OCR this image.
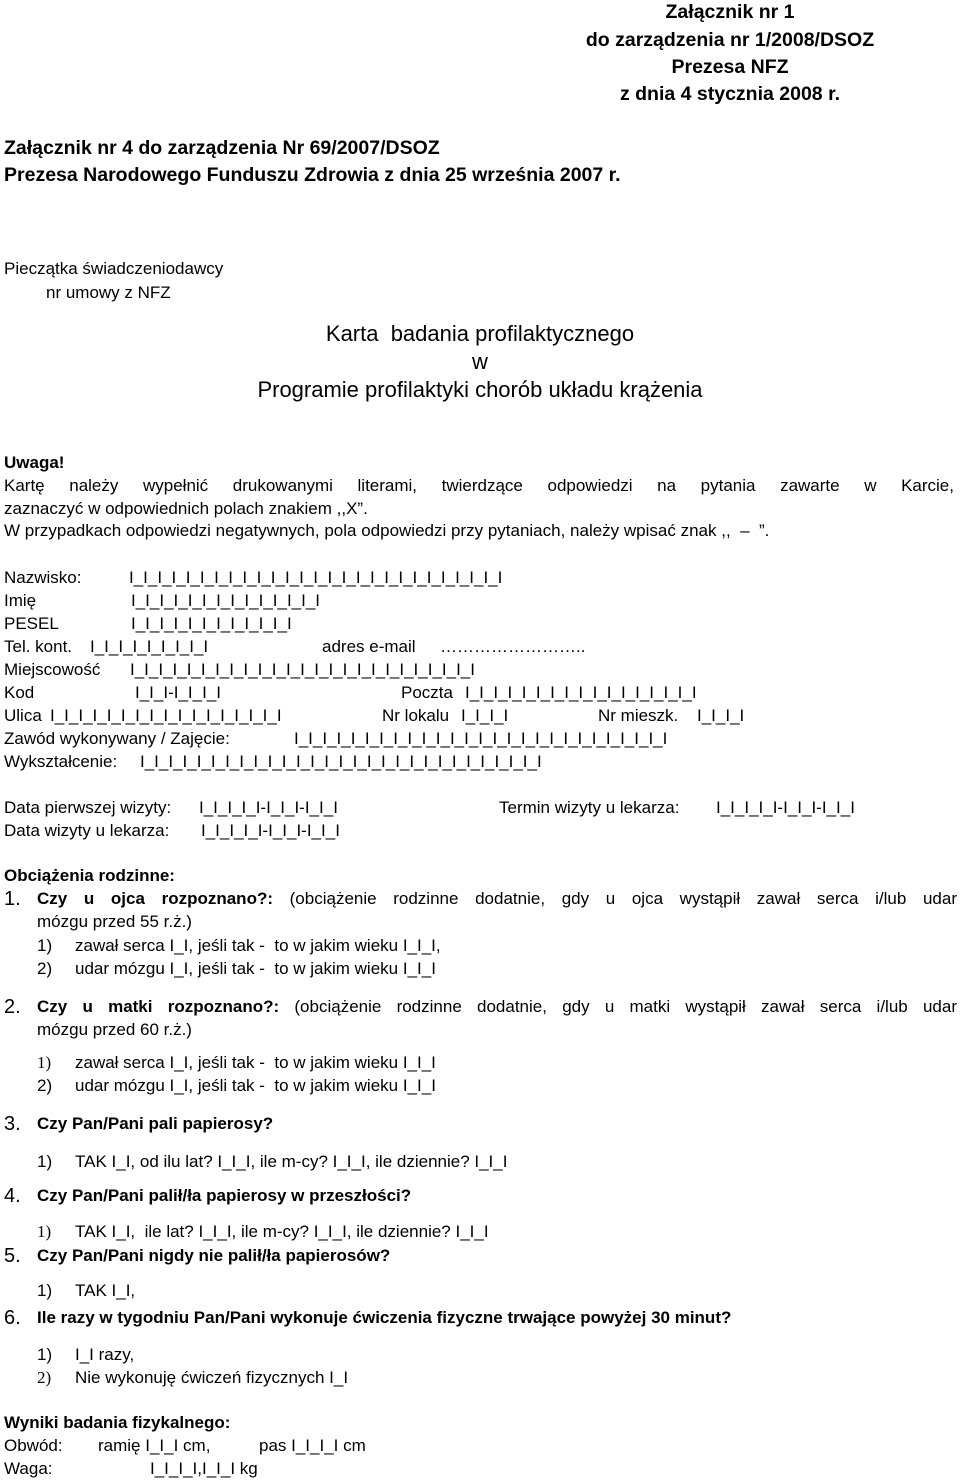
Załącznik nr 1
do zarządzenia nr 1/2008/DSOZ
Prezesa NFZ
z dnia 4 stycznia 2008 r.
Załącznik nr 4 do zarządzenia Nr 69/2007/DSOZ
Prezesa Narodowego Funduszu Zdrowia z dnia 25 września 2007 r.
Pieczątka świadczeniodawcy
nr umowy z NFZ
Karta  badania profilaktycznego
w
Programie profilaktyki chorób układu krążenia
Uwaga!
Kartę należy wypełnić drukowanymi literami, twierdzące odpowiedzi na pytania zawarte w Karcie,
zaznaczyć w odpowiednich polach znakiem ,,X”.
W przypadkach odpowiedzi negatywnych, pola odpowiedzi przy pytaniach, należy wpisać znak ,,  –  ”.
Nazwisko:	I_I_I_I_I_I_I_I_I_I_I_I_I_I_I_I_I_I_I_I_I_I_I_I_I_I_I
Imię	I_I_I_I_I_I_I_I_I_I_I_I_I_I
PESEL	I_I_I_I_I_I_I_I_I_I_I_I
Tel. kont. I_I_I_I_I_I_I_I_I	adres e-mail ……………………..
Miejscowość I_I_I_I_I_I_I_I_I_I_I_I_I_I_I_I_I_I_I_I_I_I_I_I_I
Kod	I_I_I-I_I_I_I	Poczta I_I_I_I_I_I_I_I_I_I_I_I_I_I_I_I_I
Ulica I_I_I_I_I_I_I_I_I_I_I_I_I_I_I_I_I	Nr lokalu I_I_I_I	Nr mieszk. I_I_I_I
Zawód wykonywany / Zajęcie:	I_I_I_I_I_I_I_I_I_I_I_I_I_I_I_I_I_I_I_I_I_I_I_I_I_I_I
Wykształcenie: I_I_I_I_I_I_I_I_I_I_I_I_I_I_I_I_I_I_I_I_I_I_I_I_I_I_I_I_I
Data pierwszej wizyty: I_I_I_I_I-I_I_I-I_I_I	Termin wizyty u lekarza: I_I_I_I_I-I_I_I-I_I_I
Data wizyty u lekarza: I_I_I_I_I-I_I_I-I_I_I
Obciążenia rodzinne:
1. Czy u ojca rozpoznano?: (obciążenie rodzinne dodatnie, gdy u ojca wystąpił zawał serca i/lub udar
mózgu przed 55 r.ż.)
1) zawał serca I_I, jeśli tak -  to w jakim wieku I_I_I,
2) udar mózgu I_I, jeśli tak -  to w jakim wieku I_I_I
2. Czy u matki rozpoznano?: (obciążenie rodzinne dodatnie, gdy u matki wystąpił zawał serca i/lub udar
mózgu przed 60 r.ż.)
1) zawał serca I_I, jeśli tak -  to w jakim wieku I_I_I
2) udar mózgu I_I, jeśli tak -  to w jakim wieku I_I_I
3. Czy Pan/Pani pali papierosy?
1) TAK I_I, od ilu lat? I_I_I, ile m-cy? I_I_I, ile dziennie? I_I_I
4. Czy Pan/Pani palił/ła papierosy w przeszłości?
1) TAK I_I,  ile lat? I_I_I, ile m-cy? I_I_I, ile dziennie? I_I_I
5. Czy Pan/Pani nigdy nie palił/ła papierosów?
1) TAK I_I,
6. Ile razy w tygodniu Pan/Pani wykonuje ćwiczenia fizyczne trwające powyżej 30 minut?
1) I_I razy,
2) Nie wykonuję ćwiczeń fizycznych I_I
Wyniki badania fizykalnego:
Obwód: ramię I_I_I cm,	pas I_I_I_I cm
Waga:	I_I_I_I,I_I_I kg
